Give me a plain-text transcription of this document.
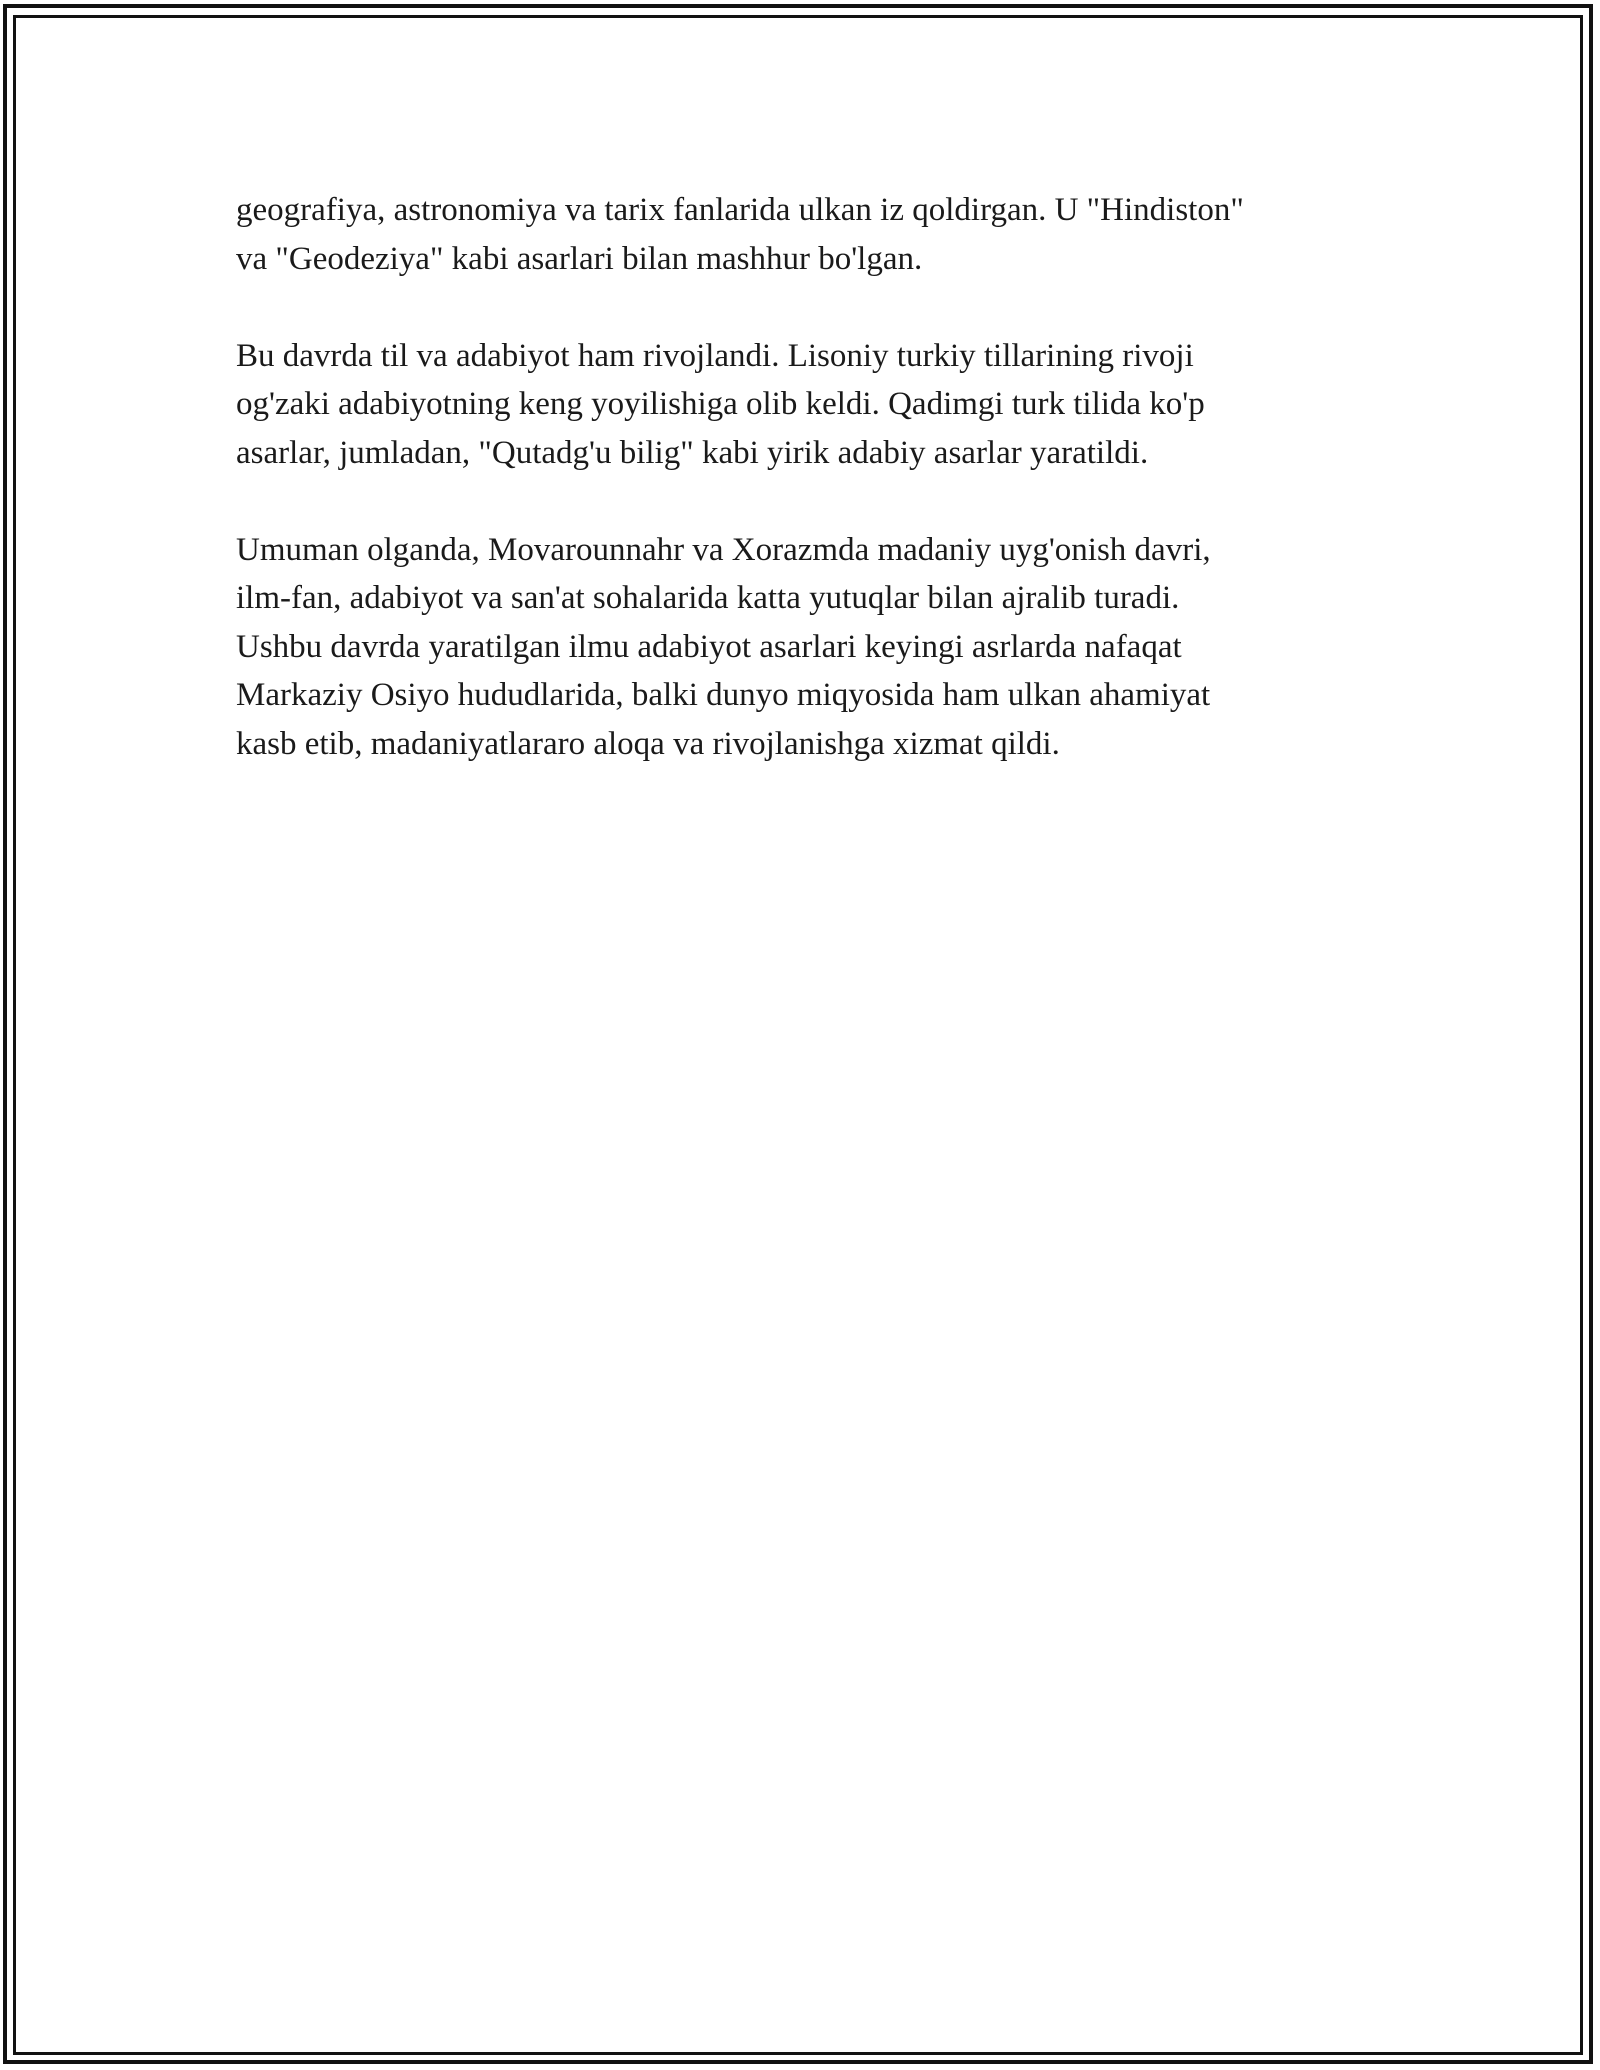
geografiya, astronomiya va tarix fanlarida ulkan iz qoldirgan. U "Hindiston"
va "Geodeziya" kabi asarlari bilan mashhur bo'lgan.

Bu davrda til va adabiyot ham rivojlandi. Lisoniy turkiy tillarining rivoji
og'zaki adabiyotning keng yoyilishiga olib keldi. Qadimgi turk tilida ko'p
asarlar, jumladan, "Qutadg'u bilig" kabi yirik adabiy asarlar yaratildi.

Umuman olganda, Movarounnahr va Xorazmda madaniy uyg'onish davri,
ilm-fan, adabiyot va san'at sohalarida katta yutuqlar bilan ajralib turadi.
Ushbu davrda yaratilgan ilmu adabiyot asarlari keyingi asrlarda nafaqat
Markaziy Osiyo hududlarida, balki dunyo miqyosida ham ulkan ahamiyat
kasb etib, madaniyatlararo aloqa va rivojlanishga xizmat qildi.
